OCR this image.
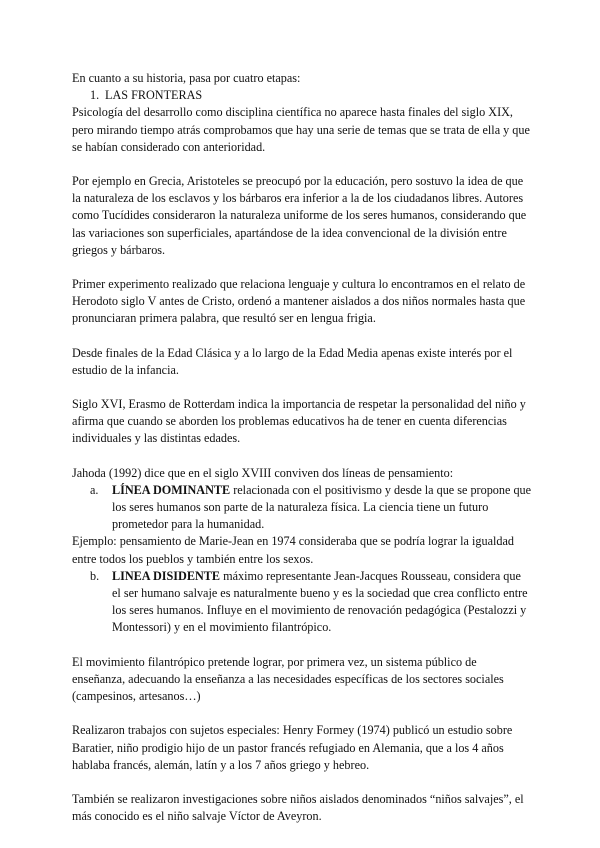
En cuanto a su historia, pasa por cuatro etapas:

1. LAS FRONTERAS

Psicología del desarrollo como disciplina científica no aparece hasta finales del siglo XIX, pero mirando tiempo atrás comprobamos que hay una serie de temas que se trata de ella y que se habían considerado con anterioridad.

Por ejemplo en Grecia, Aristoteles se preocupó por la educación, pero sostuvo la idea de que la naturaleza de los esclavos y los bárbaros era inferior a la de los ciudadanos libres. Autores como Tucídides consideraron la naturaleza uniforme de los seres humanos, considerando que las variaciones son superficiales, apartándose de la idea convencional de la división entre griegos y bárbaros.

Primer experimento realizado que relaciona lenguaje y cultura lo encontramos en el relato de Herodoto siglo V antes de Cristo, ordenó a mantener aislados a dos niños normales hasta que pronunciaran primera palabra, que resultó ser en lengua frigia.

Desde finales de la Edad Clásica y a lo largo de la Edad Media apenas existe interés por el estudio de la infancia.

Siglo XVI, Erasmo de Rotterdam indica la importancia de respetar la personalidad del niño y afirma que cuando se aborden los problemas educativos ha de tener en cuenta diferencias individuales y las distintas edades.

Jahoda (1992) dice que en el siglo XVIII conviven dos líneas de pensamiento:

a.	LÍNEA DOMINANTE relacionada con el positivismo y desde la que se propone que los seres humanos son parte de la naturaleza física. La ciencia tiene un futuro prometedor para la humanidad.

Ejemplo: pensamiento de Marie-Jean en 1974 consideraba que se podría lograr la igualdad entre todos los pueblos y también entre los sexos.

b.	LINEA DISIDENTE máximo representante Jean-Jacques Rousseau, considera que el ser humano salvaje es naturalmente bueno y es la sociedad que crea conflicto entre los seres humanos. Influye en el movimiento de renovación pedagógica (Pestalozzi y Montessori) y en el movimiento filantrópico.

El movimiento filantrópico pretende lograr, por primera vez, un sistema público de enseñanza, adecuando la enseñanza a las necesidades específicas de los sectores sociales (campesinos, artesanos…)

Realizaron trabajos con sujetos especiales: Henry Formey (1974) publicó un estudio sobre Baratier, niño prodigio hijo de un pastor francés refugiado en Alemania, que a los 4 años hablaba francés, alemán, latín y a los 7 años griego y hebreo.

También se realizaron investigaciones sobre niños aislados denominados “niños salvajes”, el más conocido es el niño salvaje Víctor de Aveyron.
